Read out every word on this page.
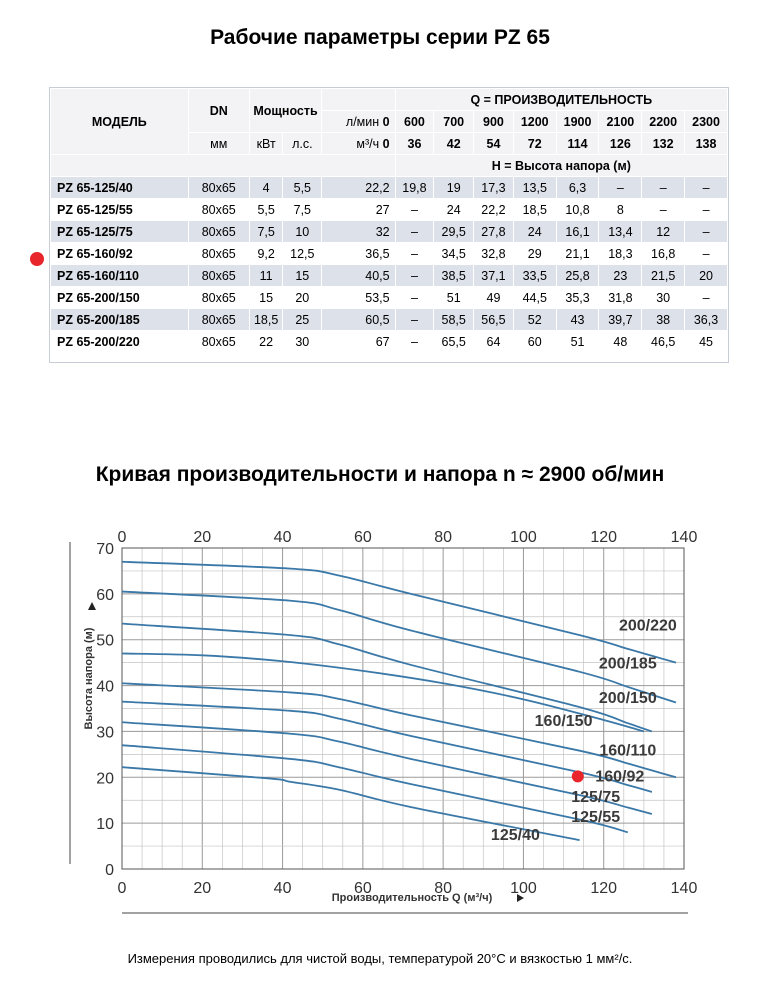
Рабочие параметры серии PZ 65
МОДЕЛЬ	DN	Мощность			Q = ПРОИЗВОДИТЕЛЬНОСТЬ							
				л/мин 0	600	700	900	1200	1900	2100	2200	2300
	мм	кВт	л.с.	м³/ч 0	36	42	54	72	114	126	132	138
					H = Высота напора (м)							
PZ 65-125/40	80x65	4	5,5	22,2	19,8	19	17,3	13,5	6,3	–	–	–
PZ 65-125/55	80x65	5,5	7,5	27	–	24	22,2	18,5	10,8	8	–	–
PZ 65-125/75	80x65	7,5	10	32	–	29,5	27,8	24	16,1	13,4	12	–
PZ 65-160/92	80x65	9,2	12,5	36,5	–	34,5	32,8	29	21,1	18,3	16,8	–
PZ 65-160/110	80x65	11	15	40,5	–	38,5	37,1	33,5	25,8	23	21,5	20
PZ 65-200/150	80x65	15	20	53,5	–	51	49	44,5	35,3	31,8	30	–
PZ 65-200/185	80x65	18,5	25	60,5	–	58,5	56,5	52	43	39,7	38	36,3
PZ 65-200/220	80x65	22	30	67	–	65,5	64	60	51	48	46,5	45
Кривая производительности и напора n ≈ 2900 об/мин
0
0
20
20
40
40
60
60
80
80
100
100
120
120
140
140
0
10
20
30
40
50
60
70
Высота напора (м)
Производительность Q (м³/ч)
125/40
125/55
125/75
160/92
160/110
160/150
200/150
200/185
200/220
Измерения проводились для чистой воды, температурой 20°C и вязкостью 1 мм²/с.
